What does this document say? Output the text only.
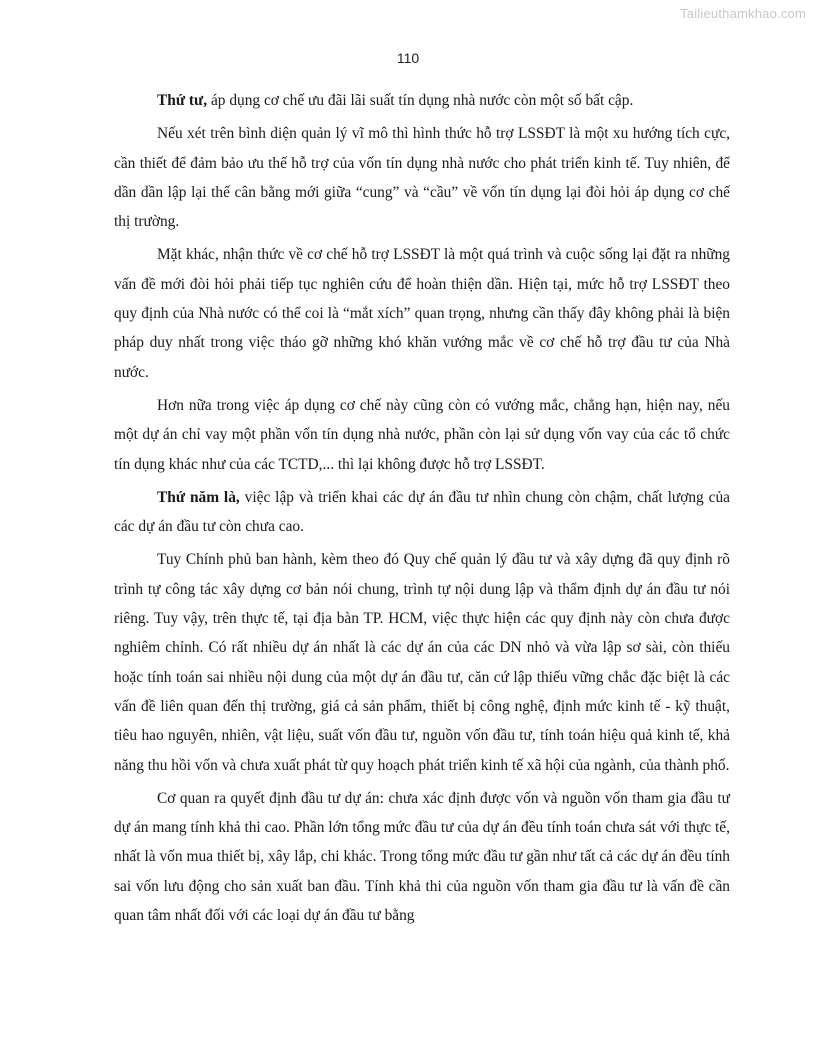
Tailieuthamkhao.com
110

Thứ tư, áp dụng cơ chế ưu đãi lãi suất tín dụng nhà nước còn một số bất cập.

Nếu xét trên bình diện quản lý vĩ mô thì hình thức hỗ trợ LSSĐT là một xu hướng tích cực, cần thiết để đảm bảo ưu thế hỗ trợ của vốn tín dụng nhà nước cho phát triển kinh tế. Tuy nhiên, để dần dần lập lại thế cân bằng mới giữa “cung” và “cầu” về vốn tín dụng lại đòi hỏi áp dụng cơ chế thị trường.

Mặt khác, nhận thức về cơ chế hỗ trợ LSSĐT là một quá trình và cuộc sống lại đặt ra những vấn đề mới đòi hỏi phải tiếp tục nghiên cứu để hoàn thiện dần. Hiện tại, mức hỗ trợ LSSĐT theo quy định của Nhà nước có thể coi là “mắt xích” quan trọng, nhưng cần thấy đây không phải là biện pháp duy nhất trong việc tháo gỡ những khó khăn vướng mắc về cơ chế hỗ trợ đầu tư của Nhà nước.

Hơn nữa trong việc áp dụng cơ chế này cũng còn có vướng mắc, chẳng hạn, hiện nay, nếu một dự án chỉ vay một phần vốn tín dụng nhà nước, phần còn lại sử dụng vốn vay của các tổ chức tín dụng khác như của các TCTD,... thì lại không được hỗ trợ LSSĐT.

Thứ năm là, việc lập và triển khai các dự án đầu tư nhìn chung còn chậm, chất lượng của các dự án đầu tư còn chưa cao.

Tuy Chính phủ ban hành, kèm theo đó Quy chế quản lý đầu tư và xây dựng đã quy định rõ trình tự công tác xây dựng cơ bản nói chung, trình tự nội dung lập và thẩm định dự án đầu tư nói riêng. Tuy vậy, trên thực tế, tại địa bàn TP. HCM, việc thực hiện các quy định này còn chưa được nghiêm chỉnh. Có rất nhiều dự án nhất là các dự án của các DN nhỏ và vừa lập sơ sài, còn thiếu hoặc tính toán sai nhiều nội dung của một dự án đầu tư, căn cứ lập thiếu vững chắc đặc biệt là các vấn đề liên quan đến thị trường, giá cả sản phẩm, thiết bị công nghệ, định mức kinh tế - kỹ thuật, tiêu hao nguyên, nhiên, vật liệu, suất vốn đầu tư, nguồn vốn đầu tư, tính toán hiệu quả kinh tế, khả năng thu hồi vốn và chưa xuất phát từ quy hoạch phát triển kinh tế xã hội của ngành, của thành phố.

Cơ quan ra quyết định đầu tư dự án: chưa xác định được vốn và nguồn vốn tham gia đầu tư dự án mang tính khả thi cao. Phần lớn tổng mức đầu tư của dự án đều tính toán chưa sát với thực tế, nhất là vốn mua thiết bị, xây lắp, chi khác. Trong tổng mức đầu tư gần như tất cả các dự án đều tính sai vốn lưu động cho sản xuất ban đầu. Tính khả thi của nguồn vốn tham gia đầu tư là vấn đề cần quan tâm nhất đối với các loại dự án đầu tư bằng
